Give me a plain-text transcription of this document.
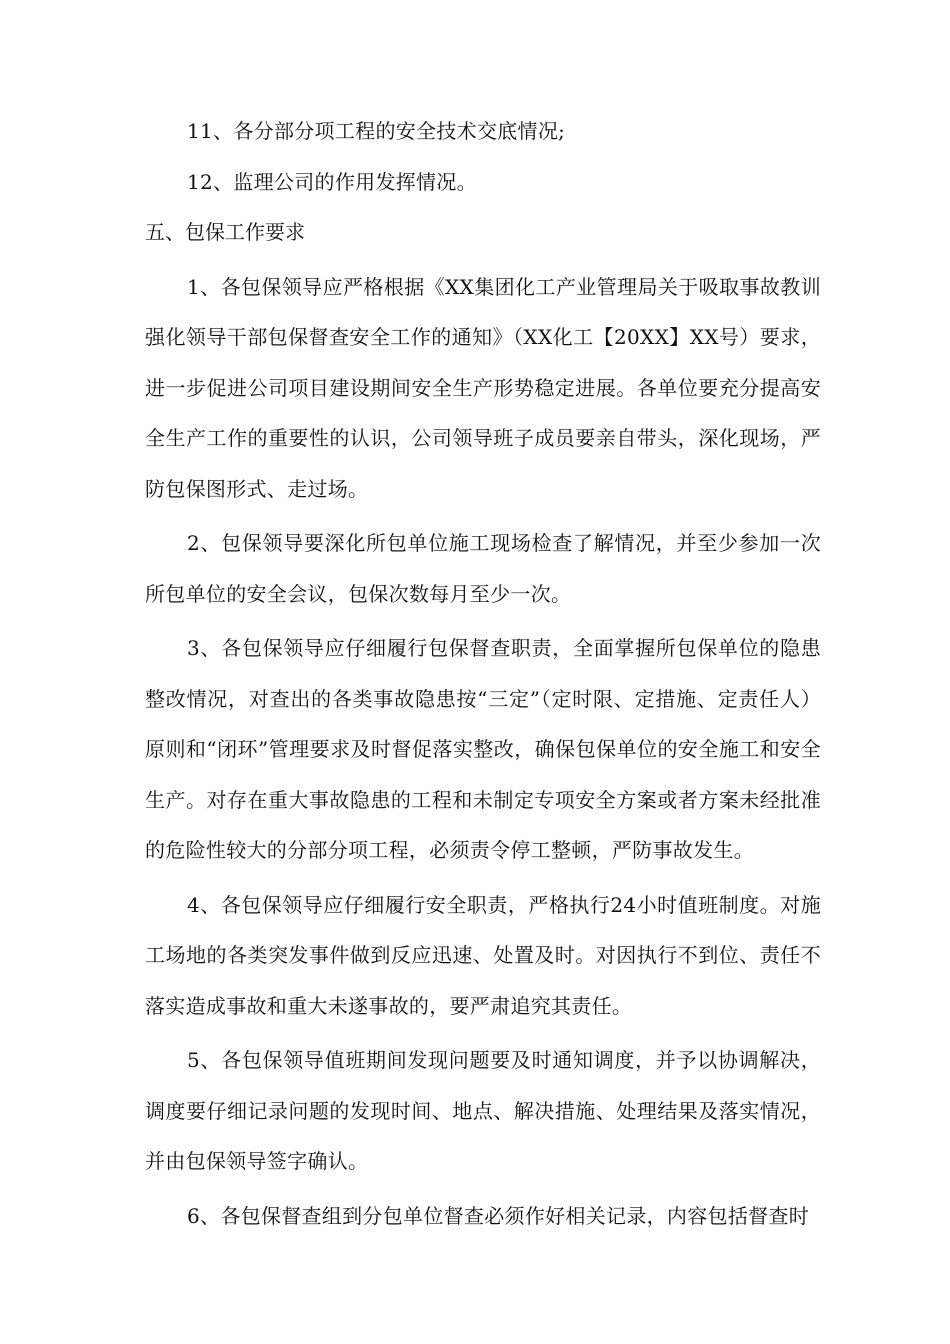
11、各分部分项工程的安全技术交底情况;

12、监理公司的作用发挥情况。

五、包保工作要求

1、各包保领导应严格根据《XX集团化工产业管理局关于吸取事故教训强化领导干部包保督查安全工作的通知》（XX化工【20XX】XX号）要求，进一步促进公司项目建设期间安全生产形势稳定进展。各单位要充分提高安全生产工作的重要性的认识，公司领导班子成员要亲自带头，深化现场，严防包保图形式、走过场。

2、包保领导要深化所包单位施工现场检查了解情况，并至少参加一次所包单位的安全会议，包保次数每月至少一次。

3、各包保领导应仔细履行包保督查职责，全面掌握所包保单位的隐患整改情况，对查出的各类事故隐患按“三定”（定时限、定措施、定责任人）原则和“闭环”管理要求及时督促落实整改，确保包保单位的安全施工和安全生产。对存在重大事故隐患的工程和未制定专项安全方案或者方案未经批准的危险性较大的分部分项工程，必须责令停工整顿，严防事故发生。

4、各包保领导应仔细履行安全职责，严格执行24小时值班制度。对施工场地的各类突发事件做到反应迅速、处置及时。对因执行不到位、责任不落实造成事故和重大未遂事故的，要严肃追究其责任。

5、各包保领导值班期间发现问题要及时通知调度，并予以协调解决，调度要仔细记录问题的发现时间、地点、解决措施、处理结果及落实情况，并由包保领导签字确认。

6、各包保督查组到分包单位督查必须作好相关记录，内容包括督查时
